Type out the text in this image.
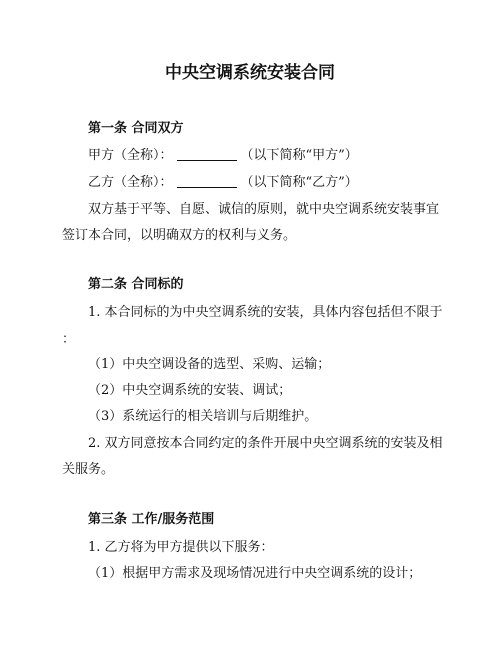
中央空调系统安装合同
第一条 合同双方
甲方（全称）：	（以下简称“甲方”）
乙方（全称）：	（以下简称“乙方”）
双方基于平等、自愿、诚信的原则，就中央空调系统安装事宜
签订本合同，以明确双方的权利与义务。
第二条 合同标的
1. 本合同标的为中央空调系统的安装，具体内容包括但不限于
：
（1）中央空调设备的选型、采购、运输；
（2）中央空调系统的安装、调试；
（3）系统运行的相关培训与后期维护。
2. 双方同意按本合同约定的条件开展中央空调系统的安装及相
关服务。
第三条 工作/服务范围
1. 乙方将为甲方提供以下服务：
（1）根据甲方需求及现场情况进行中央空调系统的设计；
